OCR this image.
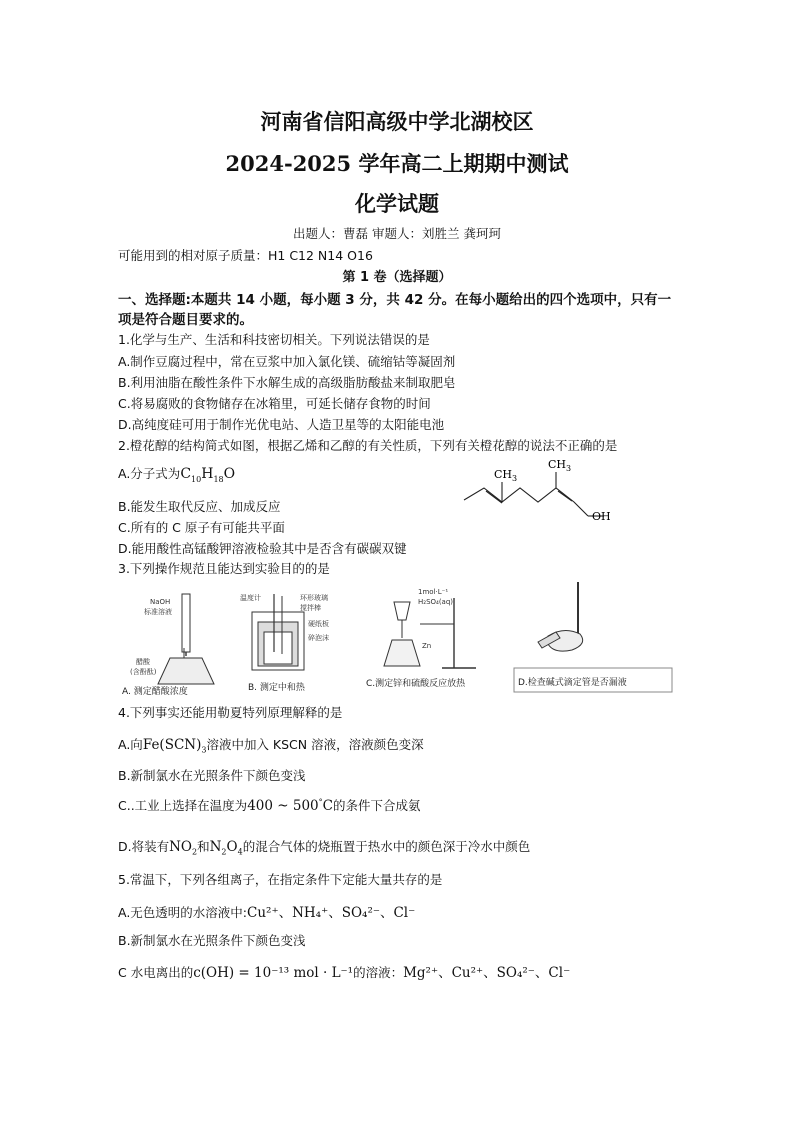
河南省信阳高级中学北湖校区
2024-2025 学年高二上期期中测试
化学试题
出题人：曹磊 审题人：刘胜兰 龚珂珂
可能用到的相对原子质量：H1 C12 N14 O16
第 1 卷（选择题）
一、选择题:本题共 14 小题，每小题 3 分，共 42 分。在每小题给出的四个选项中，只有一
项是符合题目要求的。
1.化学与生产、生活和科技密切相关。下列说法错误的是
A.制作豆腐过程中，常在豆浆中加入氯化镁、硫缩钴等凝固剂
B.利用油脂在酸性条件下水解生成的高级脂肪酸盐来制取肥皂
C.将易腐败的食物储存在冰箱里，可延长储存食物的时间
D.高纯度硅可用于制作光优电站、人造卫星等的太阳能电池
2.橙花醇的结构简式如图，根据乙烯和乙醇的有关性质，下列有关橙花醇的说法不正确的是
A.分子式为$C_{10}H_{18}O$
B.能发生取代反应、加成反应
C.所有的 C 原子有可能共平面
D.能用酸性高锰酸钾溶液检验其中是否含有碳碳双键
$CH_3$
$CH_3$
OH
3.下列操作规范且能达到实验目的的是
NaOH
标准溶液
醋酸
(含酚酞)
A. 测定醋酸浓度
温度计	环形玻璃
搅拌棒
硬纸板
碎泡沫
B. 测定中和热
1mol·L⁻¹
H₂SO₄(aq)
Zn
C.测定锌和硫酸反应放热	D.检查碱式滴定管是否漏液
4.下列事实还能用勒夏特列原理解释的是
A.向$Fe(SCN)_3$溶液中加入 KSCN 溶液，溶液颜色变深
B.新制氯水在光照条件下颜色变浅
C..工业上选择在温度为400 ~ 500°C的条件下合成氨
D.将装有$NO_2$和$N_2O_4$的混合气体的烧瓶置于热水中的颜色深于冷水中颜色
5.常温下，下列各组离子，在指定条件下定能大量共存的是
A.无色透明的水溶液中:Cu²⁺、NH₄⁺、SO₄²⁻、Cl⁻
B.新制氯水在光照条件下颜色变浅
C 水电离出的c(OH) = 10⁻¹³ mol · L⁻¹的溶液：Mg²⁺、Cu²⁺、SO₄²⁻、Cl⁻
